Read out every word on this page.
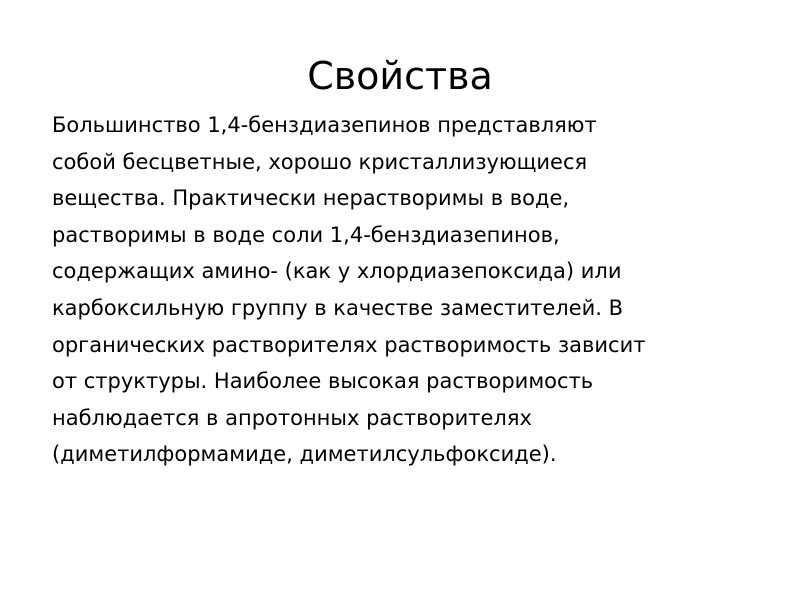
Свойства

Большинство 1,4-бенздиазепинов представляют
собой бесцветные, хорошо кристаллизующиеся
вещества. Практически нерастворимы в воде,
растворимы в воде соли 1,4-бенздиазепинов,
содержащих амино- (как у хлордиазепоксида) или
карбоксильную группу в качестве заместителей. В
органических растворителях растворимость зависит
от структуры. Наиболее высокая растворимость
наблюдается в апротонных растворителях
(диметилформамиде, диметилсульфоксиде).
